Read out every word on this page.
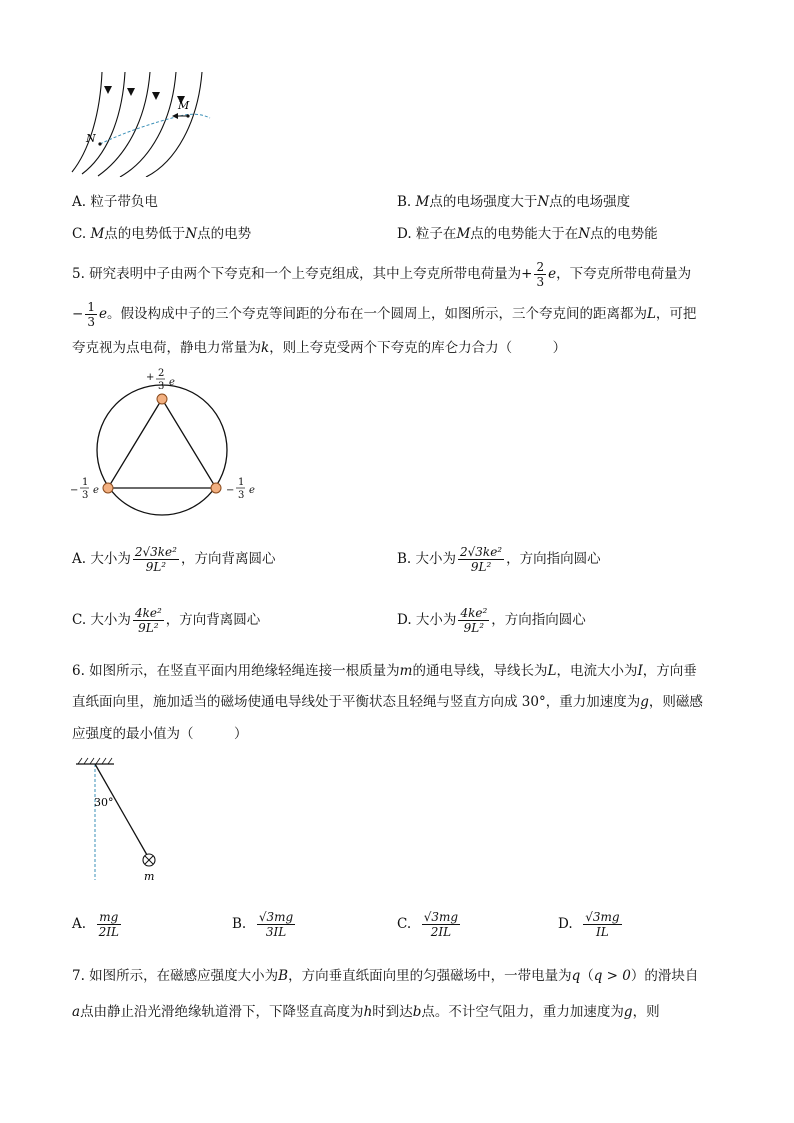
M
N
A. 粒子带负电	B. M点的电场强度大于N点的电场强度
C. M点的电势低于N点的电势	D. 粒子在M点的电势能大于在N点的电势能
5. 研究表明中子由两个下夸克和一个上夸克组成，其中上夸克所带电荷量为+ $\frac{2}{3}$ e，下夸克所带电荷量为
− $\frac{1}{3}$ e。假设构成中子的三个夸克等间距的分布在一个圆周上，如图所示，三个夸克间的距离都为L，可把
夸克视为点电荷，静电力常量为k，则上夸克受两个下夸克的库仑力合力（　　　）
+ 2
3 e
−
1
3 e	−
1
3 e
A. 大小为 $\frac{\text{2√3ke²}}{\text{9L²}}$ ，方向背离圆心	B. 大小为 $\frac{\text{2√3ke²}}{\text{9L²}}$ ，方向指向圆心
C. 大小为 $\frac{\text{4ke²}}{\text{9L²}}$ ，方向背离圆心	D. 大小为 $\frac{\text{4ke²}}{\text{9L²}}$ ，方向指向圆心
6. 如图所示，在竖直平面内用绝缘轻绳连接一根质量为m的通电导线，导线长为L，电流大小为I，方向垂
直纸面向里，施加适当的磁场使通电导线处于平衡状态且轻绳与竖直方向成 30°，重力加速度为g，则磁感
应强度的最小值为（　　　）
30°
m
A. $\frac{mg}{2IL}$	B. $\frac{√3mg}{3IL}$	C. $\frac{√3mg}{2IL}$	D. $\frac{√3mg}{IL}$
7. 如图所示，在磁感应强度大小为B，方向垂直纸面向里的匀强磁场中，一带电量为q（q > 0）的滑块自
a点由静止沿光滑绝缘轨道滑下，下降竖直高度为h时到达b点。不计空气阻力，重力加速度为g，则
